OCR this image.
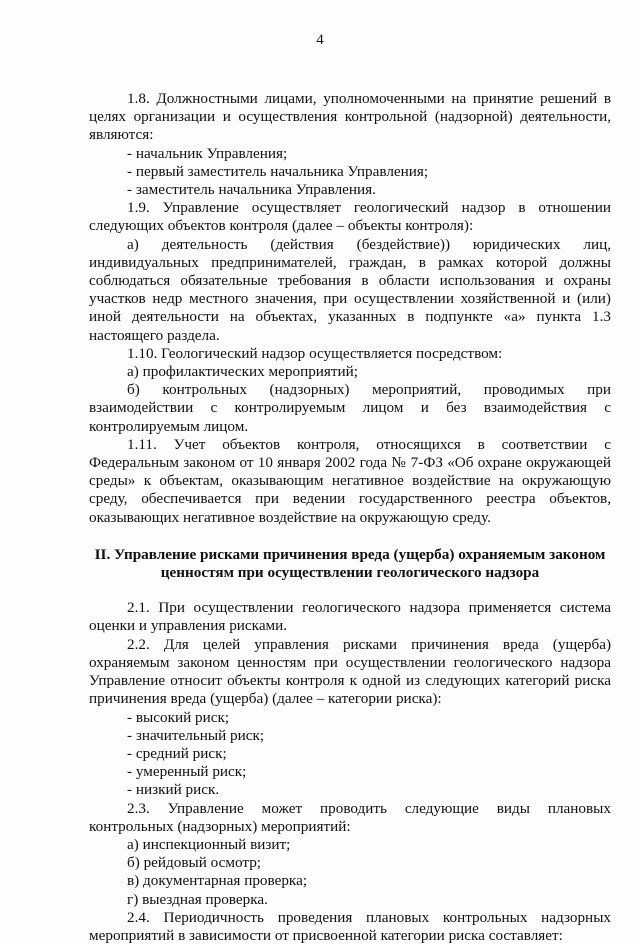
4

1.8. Должностными лицами, уполномоченными на принятие решений в целях организации и осуществления контрольной (надзорной) деятельности, являются:

- начальник Управления;

- первый заместитель начальника Управления;

- заместитель начальника Управления.

1.9. Управление осуществляет геологический надзор в отношении следующих объектов контроля (далее – объекты контроля):

а) деятельность (действия (бездействие)) юридических лиц, индивидуальных предпринимателей, граждан, в рамках которой должны соблюдаться обязательные требования в области использования и охраны участков недр местного значения, при осуществлении хозяйственной и (или) иной деятельности на объектах, указанных в подпункте «а» пункта 1.3 настоящего раздела.

1.10. Геологический надзор осуществляется посредством:

а) профилактических мероприятий;

б) контрольных (надзорных) мероприятий, проводимых при взаимодействии с контролируемым лицом и без взаимодействия с контролируемым лицом.

1.11. Учет объектов контроля, относящихся в соответствии с Федеральным законом от 10 января 2002 года № 7-ФЗ «Об охране окружающей среды» к объектам, оказывающим негативное воздействие на окружающую среду, обеспечивается при ведении государственного реестра объектов, оказывающих негативное воздействие на окружающую среду.

II. Управление рисками причинения вреда (ущерба) охраняемым законом ценностям при осуществлении геологического надзора

2.1. При осуществлении геологического надзора применяется система оценки и управления рисками.

2.2. Для целей управления рисками причинения вреда (ущерба) охраняемым законом ценностям при осуществлении геологического надзора Управление относит объекты контроля к одной из следующих категорий риска причинения вреда (ущерба) (далее – категории риска):

- высокий риск;

- значительный риск;

- средний риск;

- умеренный риск;

- низкий риск.

2.3. Управление может проводить следующие виды плановых контрольных (надзорных) мероприятий:

а) инспекционный визит;

б) рейдовый осмотр;

в) документарная проверка;

г) выездная проверка.

2.4. Периодичность проведения плановых контрольных надзорных мероприятий в зависимости от присвоенной категории риска составляет:
